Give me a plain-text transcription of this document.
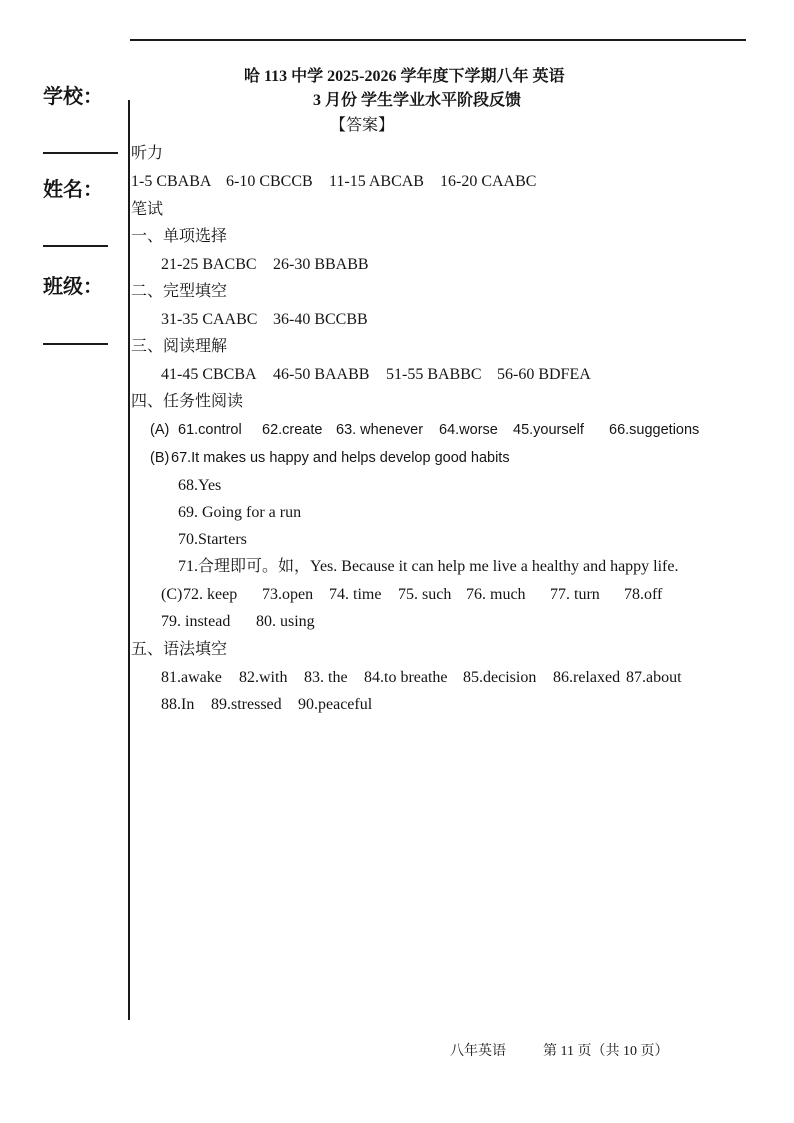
学校：
姓名：
班级：
哈 113 中学 2025-2026 学年度下学期八年 英语
3 月份 学生学业水平阶段反馈
【答案】
听力
1-5 CBABA 6-10 CBCCB 11-15 ABCAB 16-20 CAABC
笔试
一、单项选择
21-25 BACBC 26-30 BBABB
二、完型填空
31-35 CAABC 36-40 BCCBB
三、阅读理解
41-45 CBCBA 46-50 BAABB 51-55 BABBC 56-60 BDFEA
四、任务性阅读
(A) 61.control 62.create 63. whenever 64.worse 45.yourself 66.suggetions
(B) 67.It makes us happy and helps develop good habits
68.Yes
69. Going for a run
70.Starters
71.合理即可。如，Yes. Because it can help me live a healthy and happy life.
(C) 72. keep 73.open 74. time 75. such 76. much 77. turn 78.off
79. instead 80. using
五、语法填空
81.awake 82.with 83. the 84.to breathe 85.decision 86.relaxed 87.about
88.In 89.stressed 90.peaceful
八年英语	第 11 页（共 10 页）
